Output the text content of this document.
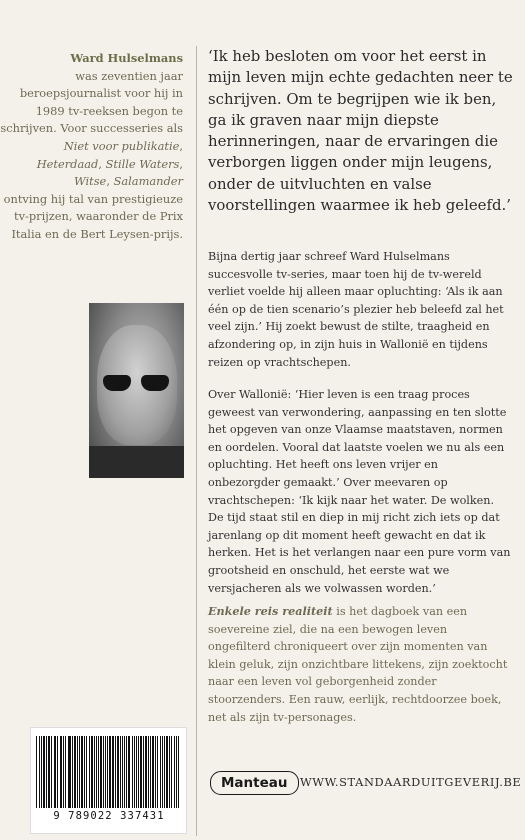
Ward Hulselmans
was zeventien jaar beroepsjournalist voor hij in 1989 tv-reeksen begon te schrijven. Voor successeries als
Niet voor publikatie,
Heterdaad, Stille Waters,
Witse, Salamander
ontving hij tal van prestigieuze tv-prijzen, waaronder de Prix Italia en de Bert Leysen-prijs.
9 789022 337431

‘Ik heb besloten om voor het eerst in mijn leven mijn echte gedachten neer te schrijven. Om te begrijpen wie ik ben, ga ik graven naar mijn diepste herinneringen, naar de ervaringen die verborgen liggen onder mijn leugens, onder de uitvluchten en valse voorstellingen waarmee ik heb geleefd.’

Bijna dertig jaar schreef Ward Hulselmans succesvolle tv-series, maar toen hij de tv-wereld verliet voelde hij alleen maar opluchting: ‘Als ik aan één op de tien scenario’s plezier heb beleefd zal het veel zijn.’ Hij zoekt bewust de stilte, traagheid en afzondering op, in zijn huis in Wallonië en tijdens reizen op vrachtschepen.

Over Wallonië: ‘Hier leven is een traag proces geweest van verwondering, aanpassing en ten slotte het opgeven van onze Vlaamse maatstaven, normen en oordelen. Vooral dat laatste voelen we nu als een opluchting. Het heeft ons leven vrijer en onbezorgder gemaakt.’ Over meevaren op vrachtschepen: ‘Ik kijk naar het water. De wolken. De tijd staat stil en diep in mij richt zich iets op dat jarenlang op dit moment heeft gewacht en dat ik herken. Het is het verlangen naar een pure vorm van grootsheid en onschuld, het eerste wat we versjacheren als we volwassen worden.’

Enkele reis realiteit is het dagboek van een soevereine ziel, die na een bewogen leven ongefilterd chroniqueert over zijn momenten van klein geluk, zijn onzichtbare littekens, zijn zoektocht naar een leven vol geborgenheid zonder stoorzenders. Een rauw, eerlijk, rechtdoorzee boek, net als zijn tv-personages.

Manteau	WWW.STANDAARDUITGEVERIJ.BE
